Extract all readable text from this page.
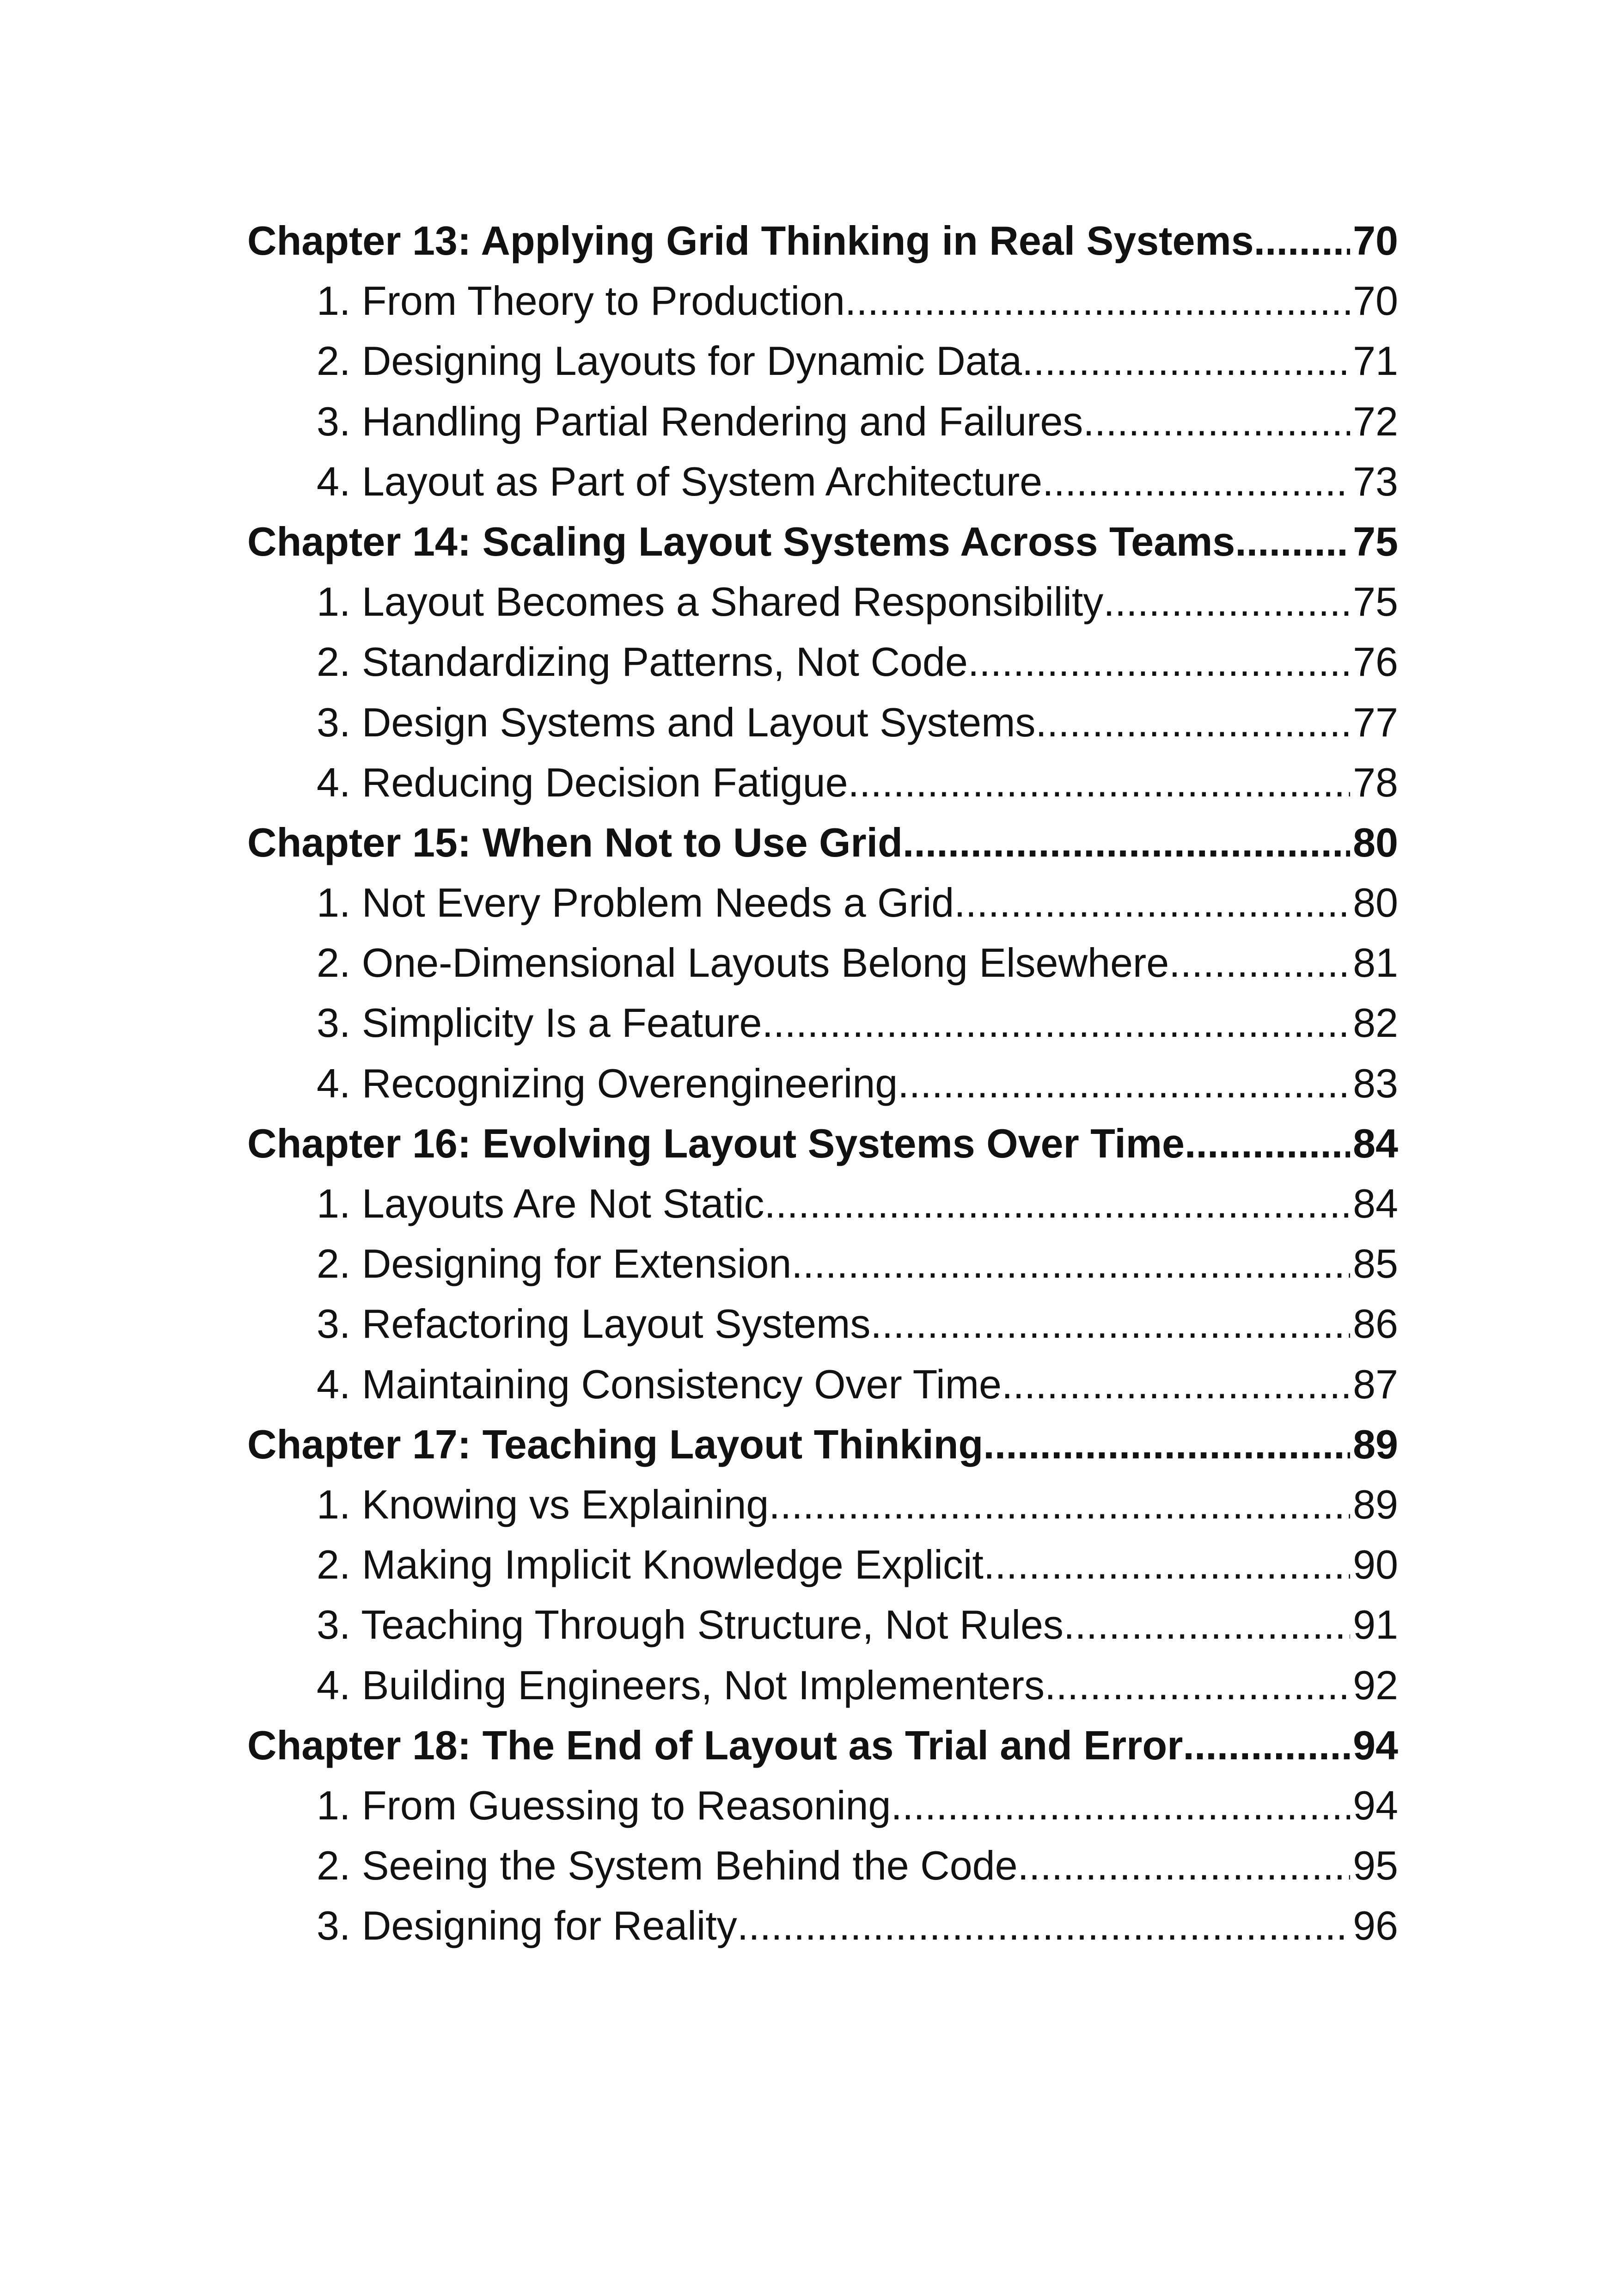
Chapter 13: Applying Grid Thinking in Real Systems ..... 70
1. From Theory to Production .....	70
2. Designing Layouts for Dynamic Data .....	71
3. Handling Partial Rendering and Failures .....	72
4. Layout as Part of System Architecture .....	73
Chapter 14: Scaling Layout Systems Across Teams .....	75
1. Layout Becomes a Shared Responsibility .....	75
2. Standardizing Patterns, Not Code .....	76
3. Design Systems and Layout Systems .....	77
4. Reducing Decision Fatigue .....	78
Chapter 15: When Not to Use Grid .....	80
1. Not Every Problem Needs a Grid .....	80
2. One-Dimensional Layouts Belong Elsewhere .....	81
3. Simplicity Is a Feature .....	82
4. Recognizing Overengineering .....	83
Chapter 16: Evolving Layout Systems Over Time .....	84
1. Layouts Are Not Static .....	84
2. Designing for Extension .....	85
3. Refactoring Layout Systems .....	86
4. Maintaining Consistency Over Time .....	87
Chapter 17: Teaching Layout Thinking .....	89
1. Knowing vs Explaining .....	89
2. Making Implicit Knowledge Explicit .....	90
3. Teaching Through Structure, Not Rules .....	91
4. Building Engineers, Not Implementers .....	92
Chapter 18: The End of Layout as Trial and Error .....	94
1. From Guessing to Reasoning .....	94
2. Seeing the System Behind the Code .....	95
3. Designing for Reality .....	96
